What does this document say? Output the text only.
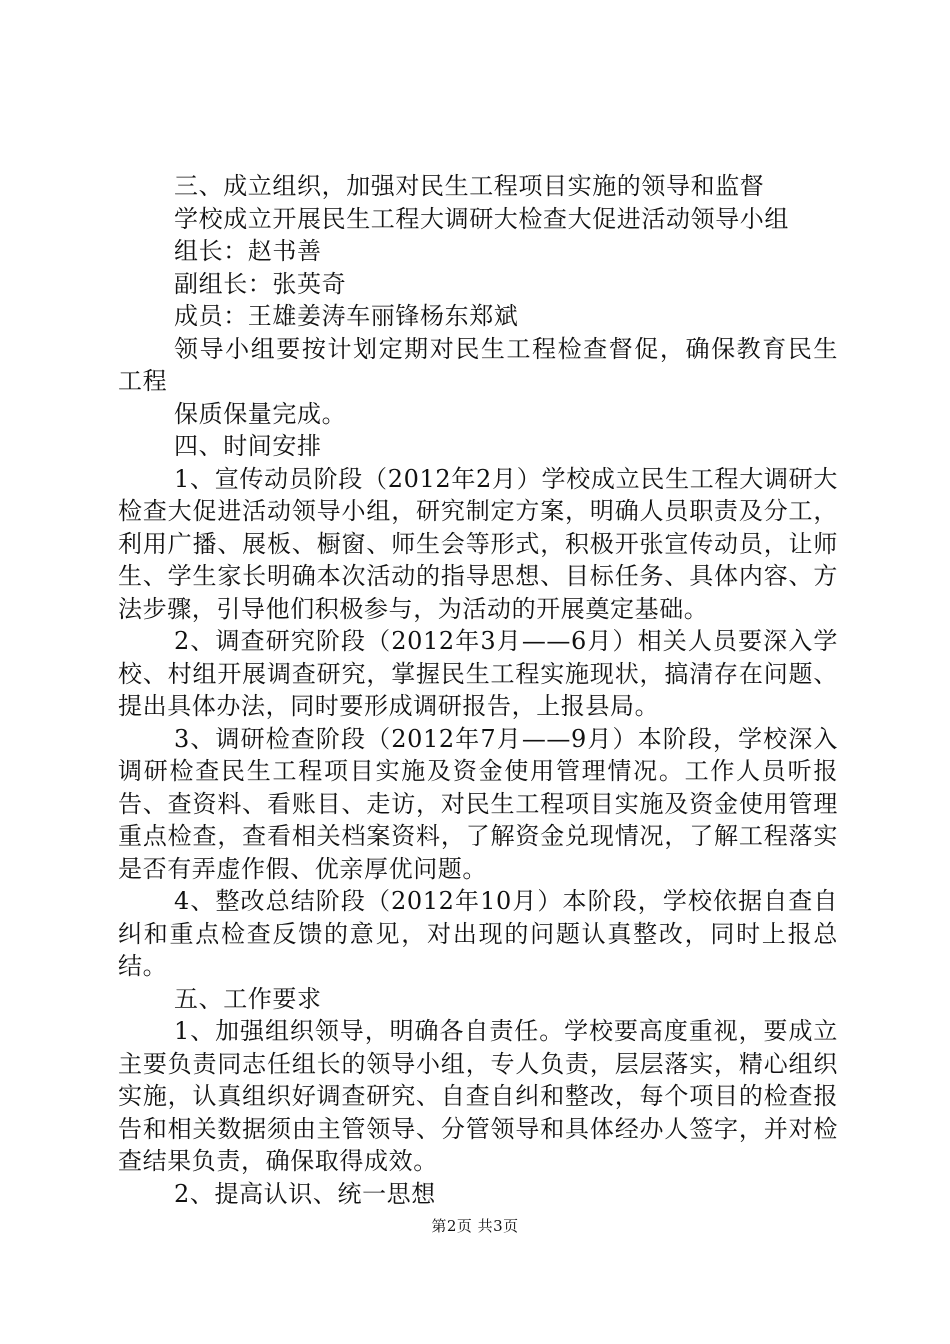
三、成立组织，加强对民生工程项目实施的领导和监督

学校成立开展民生工程大调研大检查大促进活动领导小组

组长：赵书善

副组长：张英奇

成员：王雄姜涛车丽锋杨东郑斌

领导小组要按计划定期对民生工程检查督促，确保教育民生工程

保质保量完成。

四、时间安排

1、宣传动员阶段（2012年2月）学校成立民生工程大调研大检查大促进活动领导小组，研究制定方案，明确人员职责及分工，利用广播、展板、橱窗、师生会等形式，积极开张宣传动员，让师生、学生家长明确本次活动的指导思想、目标任务、具体内容、方法步骤，引导他们积极参与，为活动的开展奠定基础。

2、调查研究阶段（2012年3月——6月）相关人员要深入学校、村组开展调查研究，掌握民生工程实施现状，搞清存在问题、提出具体办法，同时要形成调研报告，上报县局。

3、调研检查阶段（2012年7月——9月）本阶段，学校深入调研检查民生工程项目实施及资金使用管理情况。工作人员听报告、查资料、看账目、走访，对民生工程项目实施及资金使用管理重点检查，查看相关档案资料，了解资金兑现情况，了解工程落实是否有弄虚作假、优亲厚优问题。

4、整改总结阶段（2012年10月）本阶段，学校依据自查自纠和重点检查反馈的意见，对出现的问题认真整改，同时上报总结。

五、工作要求

1、加强组织领导，明确各自责任。学校要高度重视，要成立主要负责同志任组长的领导小组，专人负责，层层落实，精心组织实施，认真组织好调查研究、自查自纠和整改，每个项目的检查报告和相关数据须由主管领导、分管领导和具体经办人签字，并对检查结果负责，确保取得成效。

2、提高认识、统一思想

第2页 共3页
